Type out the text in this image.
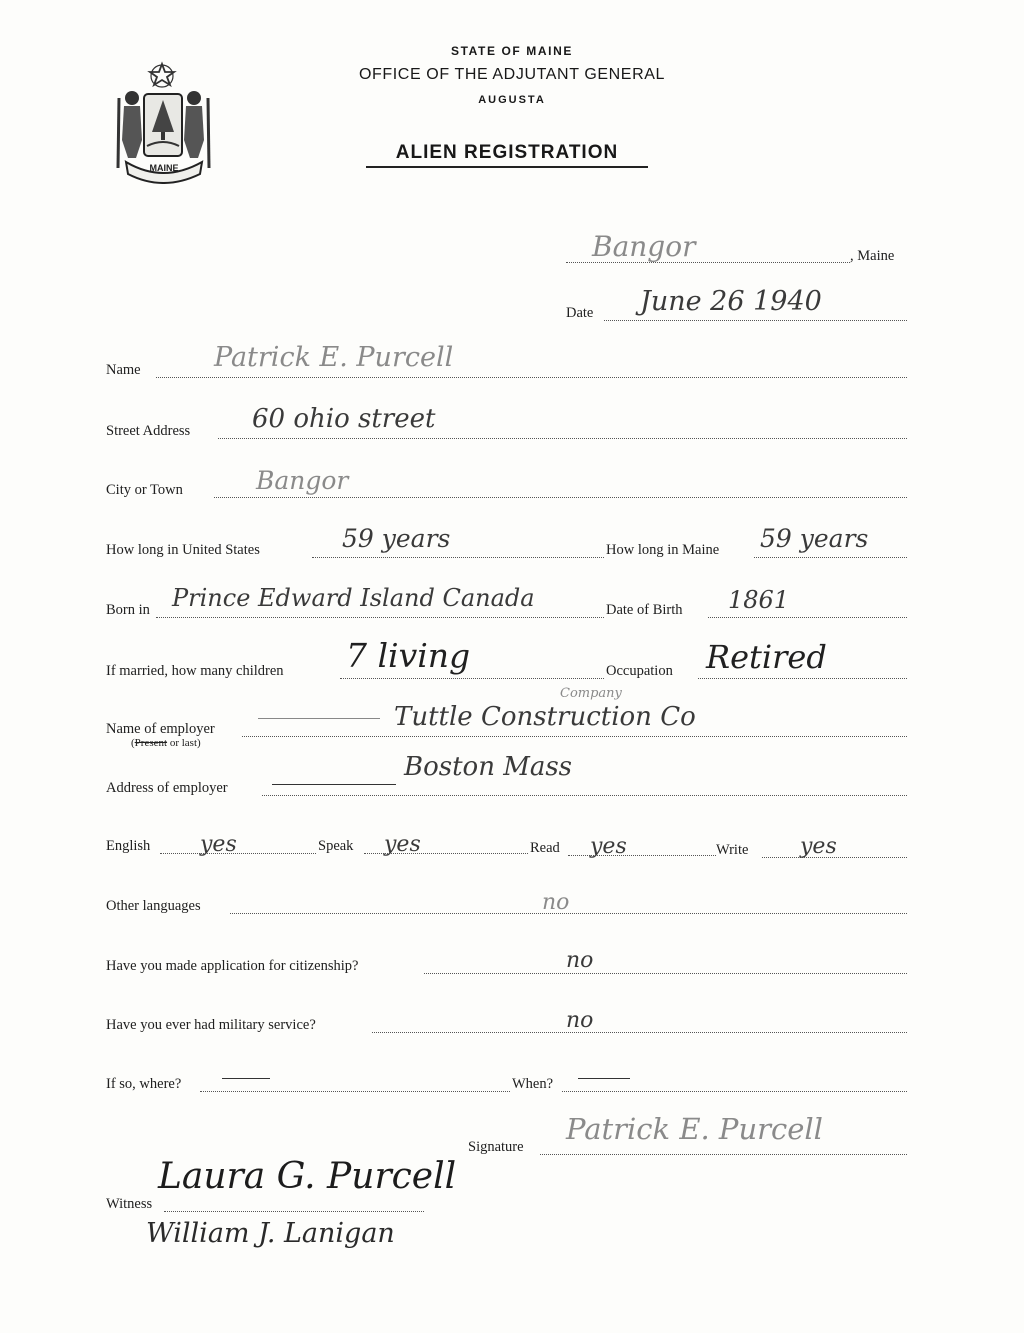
MAINE
STATE OF MAINE
OFFICE OF THE ADJUTANT GENERAL
AUGUSTA
ALIEN REGISTRATION
Bangor	, Maine
Date June 26 1940
Name	Patrick E. Purcell
Street Address 60 ohio street
City or Town	Bangor
How long in United States	59 years	How long in Maine 59 years
Born in Prince Edward Island Canada	Date of Birth 1861
If married, how many children 7 living	Occupation Retired
Name of employer
(Present or last)
Company
Tuttle Construction Co
Address of employer
Boston Mass
English yes	Speak yes	Read yes	Write yes
Other languages	no
Have you made application for citizenship?	no
Have you ever had military service?	no
If so, where?	When?
Signature
Patrick E. Purcell
Witness
Laura G. Purcell
William J. Lanigan
